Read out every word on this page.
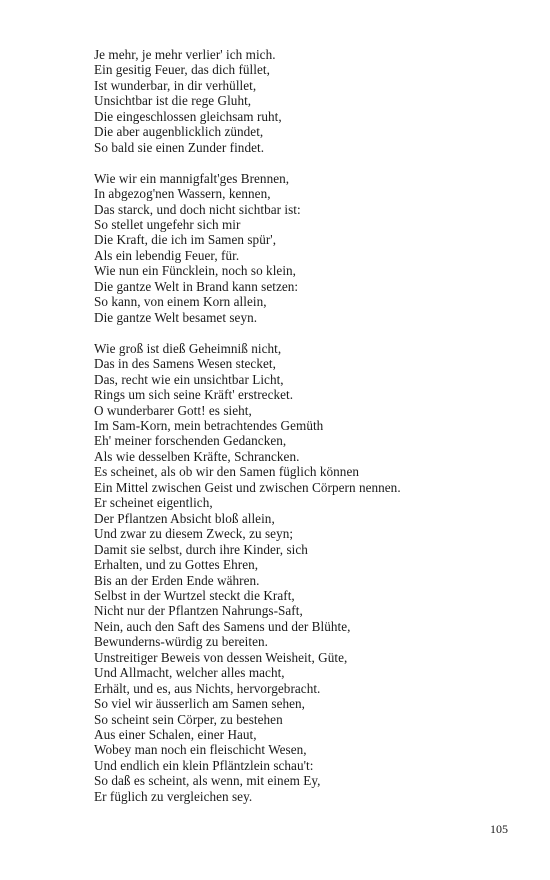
Je mehr, je mehr verlier' ich mich.
Ein gesitig Feuer, das dich füllet,
Ist wunderbar, in dir verhüllet,
Unsichtbar ist die rege Gluht,
Die eingeschlossen gleichsam ruht,
Die aber augenblicklich zündet,
So bald sie einen Zunder findet.
Wie wir ein mannigfalt'ges Brennen,
In abgezog'nen Wassern, kennen,
Das starck, und doch nicht sichtbar ist:
So stellet ungefehr sich mir
Die Kraft, die ich im Samen spür',
Als ein lebendig Feuer, für.
Wie nun ein Füncklein, noch so klein,
Die gantze Welt in Brand kann setzen:
So kann, von einem Korn allein,
Die gantze Welt besamet seyn.
Wie groß ist dieß Geheimniß nicht,
Das in des Samens Wesen stecket,
Das, recht wie ein unsichtbar Licht,
Rings um sich seine Kräft' erstrecket.
O wunderbarer Gott! es sieht,
Im Sam-Korn, mein betrachtendes Gemüth
Eh' meiner forschenden Gedancken,
Als wie desselben Kräfte, Schrancken.
Es scheinet, als ob wir den Samen füglich können
Ein Mittel zwischen Geist und zwischen Cörpern nennen.
Er scheinet eigentlich,
Der Pflantzen Absicht bloß allein,
Und zwar zu diesem Zweck, zu seyn;
Damit sie selbst, durch ihre Kinder, sich
Erhalten, und zu Gottes Ehren,
Bis an der Erden Ende währen.
Selbst in der Wurtzel steckt die Kraft,
Nicht nur der Pflantzen Nahrungs-Saft,
Nein, auch den Saft des Samens und der Blühte,
Bewunderns-würdig zu bereiten.
Unstreitiger Beweis von dessen Weisheit, Güte,
Und Allmacht, welcher alles macht,
Erhält, und es, aus Nichts, hervorgebracht.
So viel wir äusserlich am Samen sehen,
So scheint sein Cörper, zu bestehen
Aus einer Schalen, einer Haut,
Wobey man noch ein fleischicht Wesen,
Und endlich ein klein Pfläntzlein schau't:
So daß es scheint, als wenn, mit einem Ey,
Er füglich zu vergleichen sey.
105
